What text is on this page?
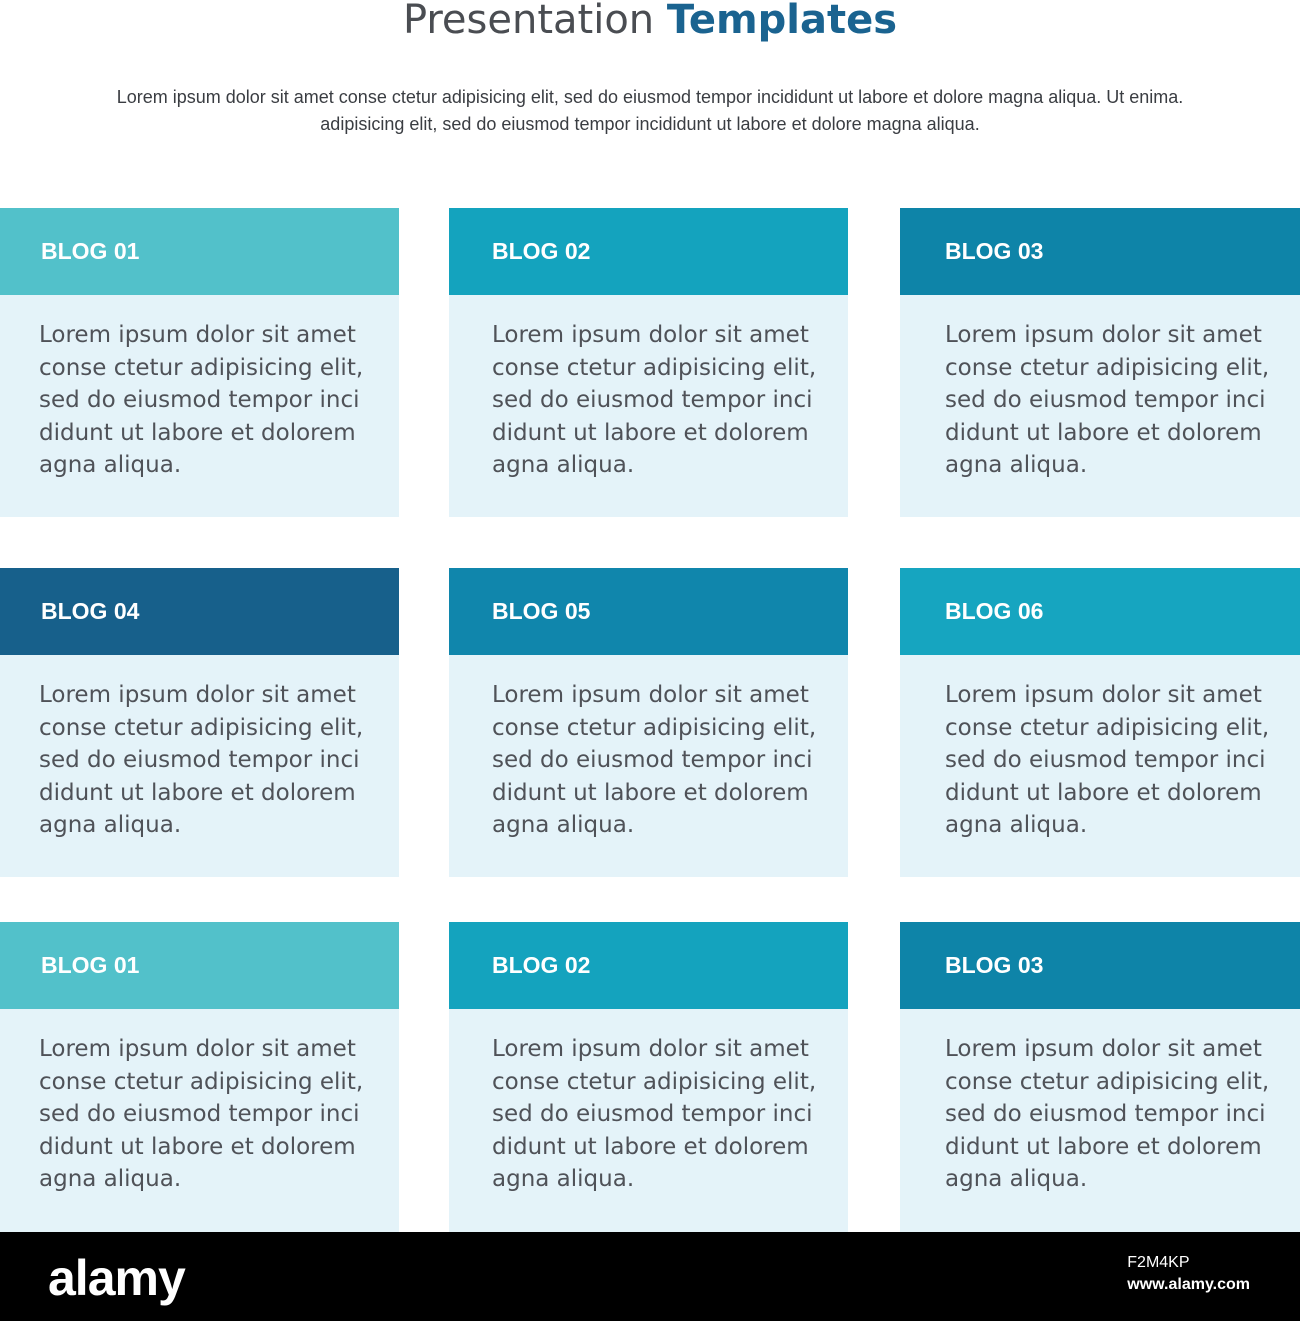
Presentation Templates
Lorem ipsum dolor sit amet conse ctetur adipisicing elit, sed do eiusmod tempor incididunt ut labore et dolore magna aliqua. Ut enima.
adipisicing elit, sed do eiusmod tempor incididunt ut labore et dolore magna aliqua.
BLOG 01
Lorem ipsum dolor sit amet
conse ctetur adipisicing elit,
sed do eiusmod tempor inci
didunt ut labore et dolorem
agna aliqua.
BLOG 02
Lorem ipsum dolor sit amet
conse ctetur adipisicing elit,
sed do eiusmod tempor inci
didunt ut labore et dolorem
agna aliqua.
BLOG 03
Lorem ipsum dolor sit amet
conse ctetur adipisicing elit,
sed do eiusmod tempor inci
didunt ut labore et dolorem
agna aliqua.
BLOG 04
Lorem ipsum dolor sit amet
conse ctetur adipisicing elit,
sed do eiusmod tempor inci
didunt ut labore et dolorem
agna aliqua.
BLOG 05
Lorem ipsum dolor sit amet
conse ctetur adipisicing elit,
sed do eiusmod tempor inci
didunt ut labore et dolorem
agna aliqua.
BLOG 06
Lorem ipsum dolor sit amet
conse ctetur adipisicing elit,
sed do eiusmod tempor inci
didunt ut labore et dolorem
agna aliqua.
BLOG 01
Lorem ipsum dolor sit amet
conse ctetur adipisicing elit,
sed do eiusmod tempor inci
didunt ut labore et dolorem
agna aliqua.
BLOG 02
Lorem ipsum dolor sit amet
conse ctetur adipisicing elit,
sed do eiusmod tempor inci
didunt ut labore et dolorem
agna aliqua.
BLOG 03
Lorem ipsum dolor sit amet
conse ctetur adipisicing elit,
sed do eiusmod tempor inci
didunt ut labore et dolorem
agna aliqua.
alamy	F2M4KP
www.alamy.com
